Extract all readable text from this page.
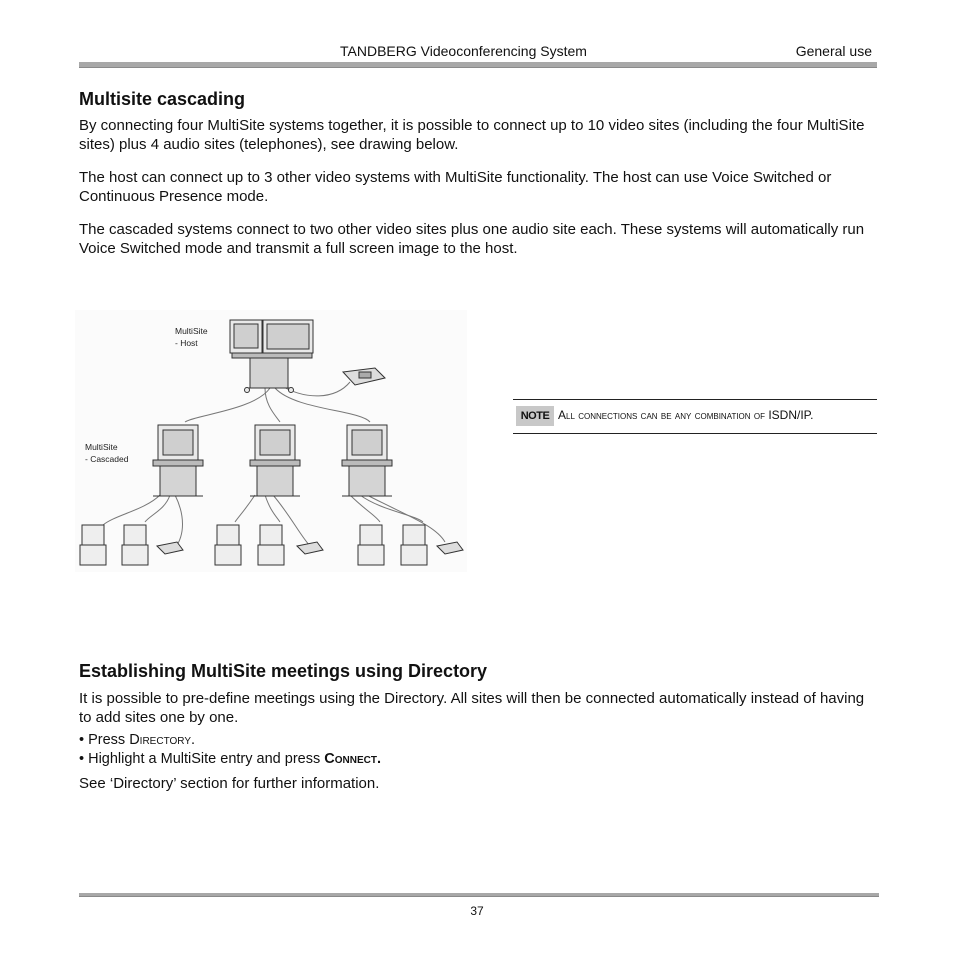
TANDBERG Videoconferencing System	General use
Multisite cascading

By connecting four MultiSite systems together, it is possible to connect up to 10 video sites (including the four MultiSite sites) plus 4 audio sites (telephones), see drawing below.

The host can connect up to 3 other video systems with MultiSite functionality. The host can use Voice Switched or Continuous Presence mode.

The cascaded systems connect to two other video sites plus one audio site each. These systems will automatically run Voice Switched mode and transmit a full screen image to the host.

MultiSite
- Host
MultiSite
- Cascaded
NOTE All connections can be any combination of ISDN/IP.
Establishing MultiSite meetings using Directory

It is possible to pre-define meetings using the Directory. All sites will then be connected automatically instead of having to add sites one by one.

• Press Directory.

• Highlight a MultiSite entry and press Connect.

See ‘Directory’ section for further information.

37
